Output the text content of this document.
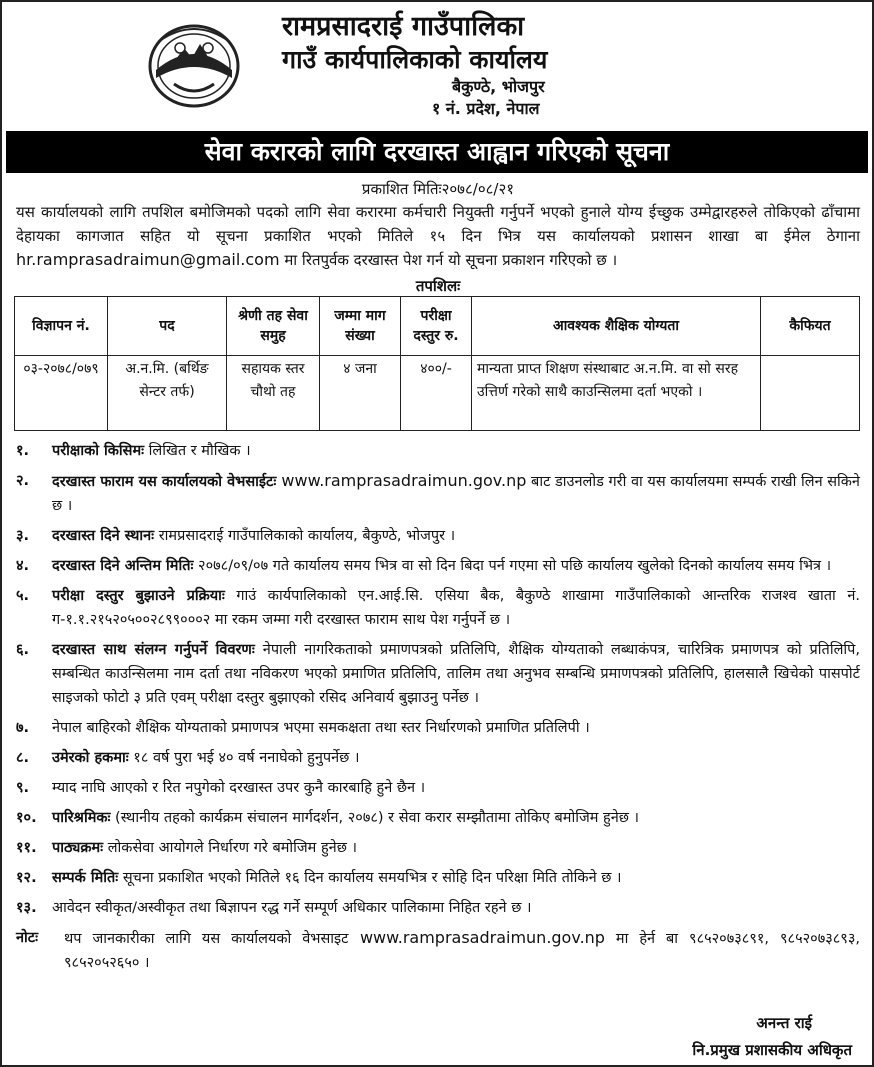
रामप्रसादराई गाउँपालिका
गाउँ कार्यपालिकाको कार्यालय
बैकुण्ठे, भोजपुर
१ नं. प्रदेश, नेपाल
सेवा करारको लागि दरखास्त आह्वान गरिएको सूचना
प्रकाशित मितिः२०७८/०८/२१

यस कार्यालयको लागि तपशिल बमोजिमको पदको लागि सेवा करारमा कर्मचारी नियुक्ती गर्नुपर्ने भएको हुनाले योग्य ईच्छुक उम्मेद्वारहरुले तोकिएको ढाँचामा देहायका कागजात सहित यो सूचना प्रकाशित भएको मितिले १५ दिन भित्र यस कार्यालयको प्रशासन शाखा बा ईमेल ठेगाना hr.ramprasadraimun@gmail.com मा रितपुर्वक दरखास्त पेश गर्न यो सूचना प्रकाशन गरिएको छ ।

तपशिलः
विज्ञापन नं.	पद	श्रेणी तह सेवा समुह	जम्मा माग संख्या	परीक्षा दस्तुर रु.	आवश्यक शैक्षिक योग्यता	कैफियत
०३-२०७८/०७९	अ.न.मि. (बर्थिङ सेन्टर तर्फ)	सहायक स्तर चौथो तह	४ जना	४००/-	मान्यता प्राप्त शिक्षण संस्थाबाट अ.न.मि. वा सो सरह उत्तिर्ण गरेको साथै काउन्सिलमा दर्ता भएको ।	
१.	परीक्षाको किसिमः लिखित र मौखिक ।
२.	दरखास्त फाराम यस कार्यालयको वेभसाईटः www.ramprasadraimun.gov.np बाट डाउनलोड गरी वा यस कार्यालयमा सम्पर्क राखी लिन सकिने छ ।
३.	दरखास्त दिने स्थानः रामप्रसादराई गाउँपालिकाको कार्यालय, बैकुण्ठे, भोजपुर ।
४.	दरखास्त दिने अन्तिम मितिः २०७८/०९/०७ गते कार्यालय समय भित्र वा सो दिन बिदा पर्न गएमा सो पछि कार्यालय खुलेको दिनको कार्यालय समय भित्र ।
५.	परीक्षा दस्तुर बुझाउने प्रक्रियाः गाउं कार्यपालिकाको एन.आई.सि. एसिया बैक, बैकुण्ठे शाखामा गाउँपालिकाको आन्तरिक राजश्व खाता नं. ग-१.१.२१५२०५००२८९९०००२ मा रकम जम्मा गरी दरखास्त फाराम साथ पेश गर्नुपर्ने छ ।
६.	दरखास्त साथ संलग्न गर्नुपर्ने विवरणः नेपाली नागरिकताको प्रमाणपत्रको प्रतिलिपि, शैक्षिक योग्यताको लब्धाकंपत्र, चारित्रिक प्रमाणपत्र को प्रतिलिपि, सम्बन्धित काउन्सिलमा नाम दर्ता तथा नविकरण भएको प्रमाणित प्रतिलिपि, तालिम तथा अनुभव सम्बन्धि प्रमाणपत्रको प्रतिलिपि, हालसालै खिचेको पासपोर्ट साइजको फोटो ३ प्रति एवम् परीक्षा दस्तुर बुझाएको रसिद अनिवार्य बुझाउनु पर्नेछ ।
७.	नेपाल बाहिरको शैक्षिक योग्यताको प्रमाणपत्र भएमा समकक्षता तथा स्तर निर्धारणको प्रमाणित प्रतिलिपी ।
८.	उमेरको हकमाः १८ वर्ष पुरा भई ४० वर्ष ननाघेको हुनुपर्नेछ ।
९.	म्याद नाघि आएको र रित नपुगेको दरखास्त उपर कुनै कारबाहि हुने छैन ।
१०.	पारिश्रमिकः (स्थानीय तहको कार्यक्रम संचालन मार्गदर्शन, २०७८) र सेवा करार सम्झौतामा तोकिए बमोजिम हुनेछ ।
११.	पाठ्यक्रमः लोकसेवा आयोगले निर्धारण गरे बमोजिम हुनेछ ।
१२.	सम्पर्क मितिः सूचना प्रकाशित भएको मितिले १६ दिन कार्यालय समयभित्र र सोहि दिन परिक्षा मिति तोकिने छ ।
१३.	आवेदन स्वीकृत/अस्वीकृत तथा बिज्ञापन रद्ध गर्ने सम्पूर्ण अधिकार पालिकामा निहित रहने छ ।
नोटः	थप जानकारीका लागि यस कार्यालयको वेभसाइट www.ramprasadraimun.gov.np मा हेर्न बा ९८५२०७३८९१, ९८५२०७३८९३, ९८५२०५२६५० ।
अनन्त राई
नि.प्रमुख प्रशासकीय अधिकृत
